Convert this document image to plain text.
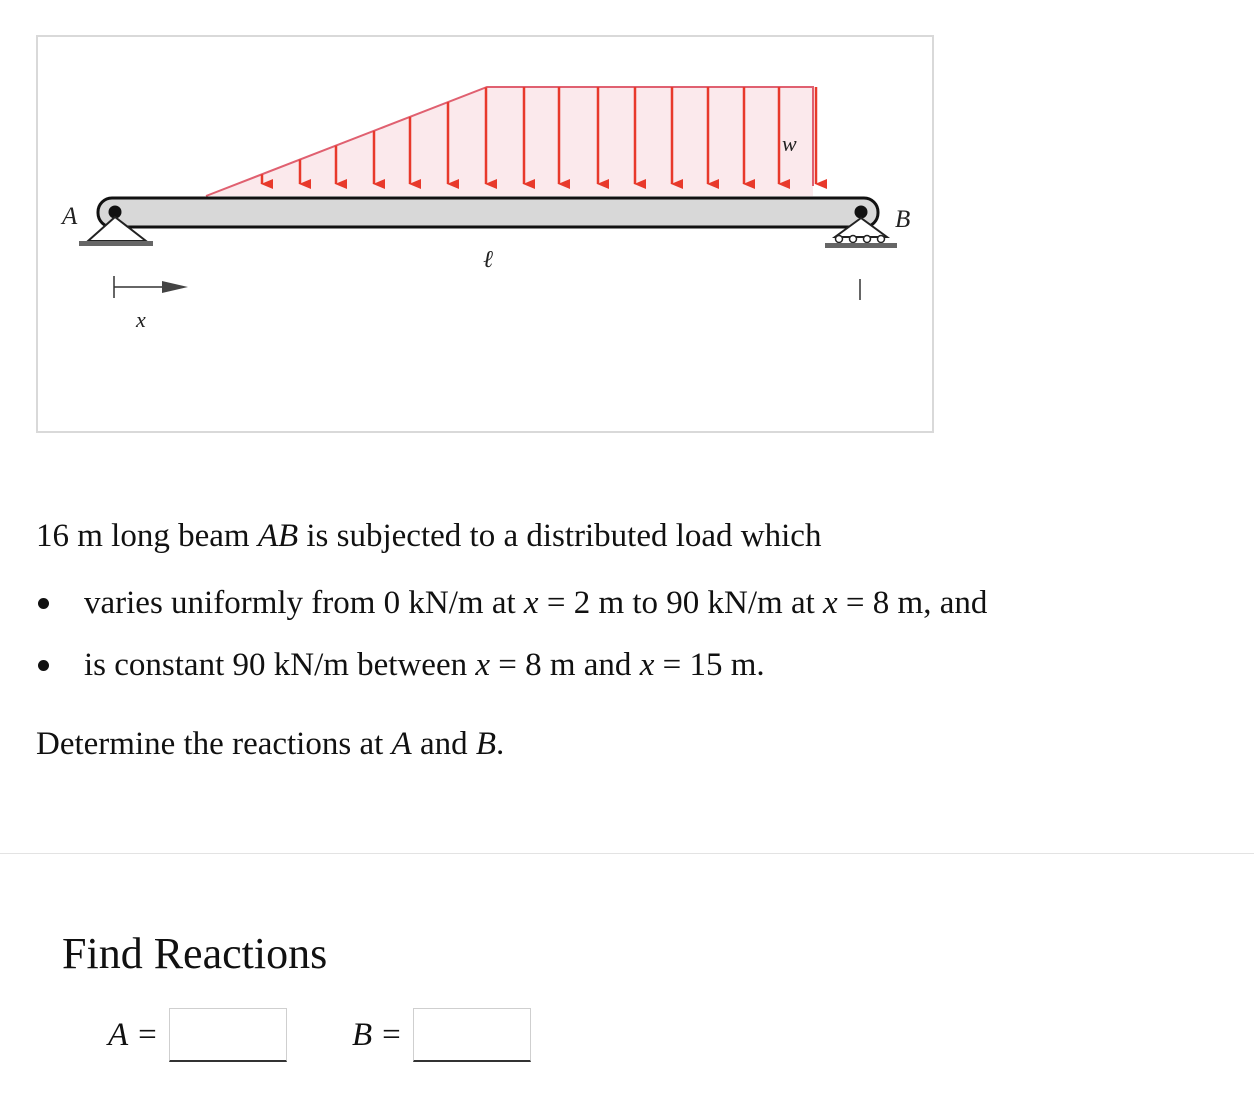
A	B
w
ℓ
x

16 m long beam AB is subjected to a distributed load which

varies uniformly from 0 kN/m at x = 2 m to 90 kN/m at x = 8 m, and
is constant 90 kN/m between x = 8 m and x = 15 m.

Determine the reactions at A and B.

Find Reactions
A =	B =
